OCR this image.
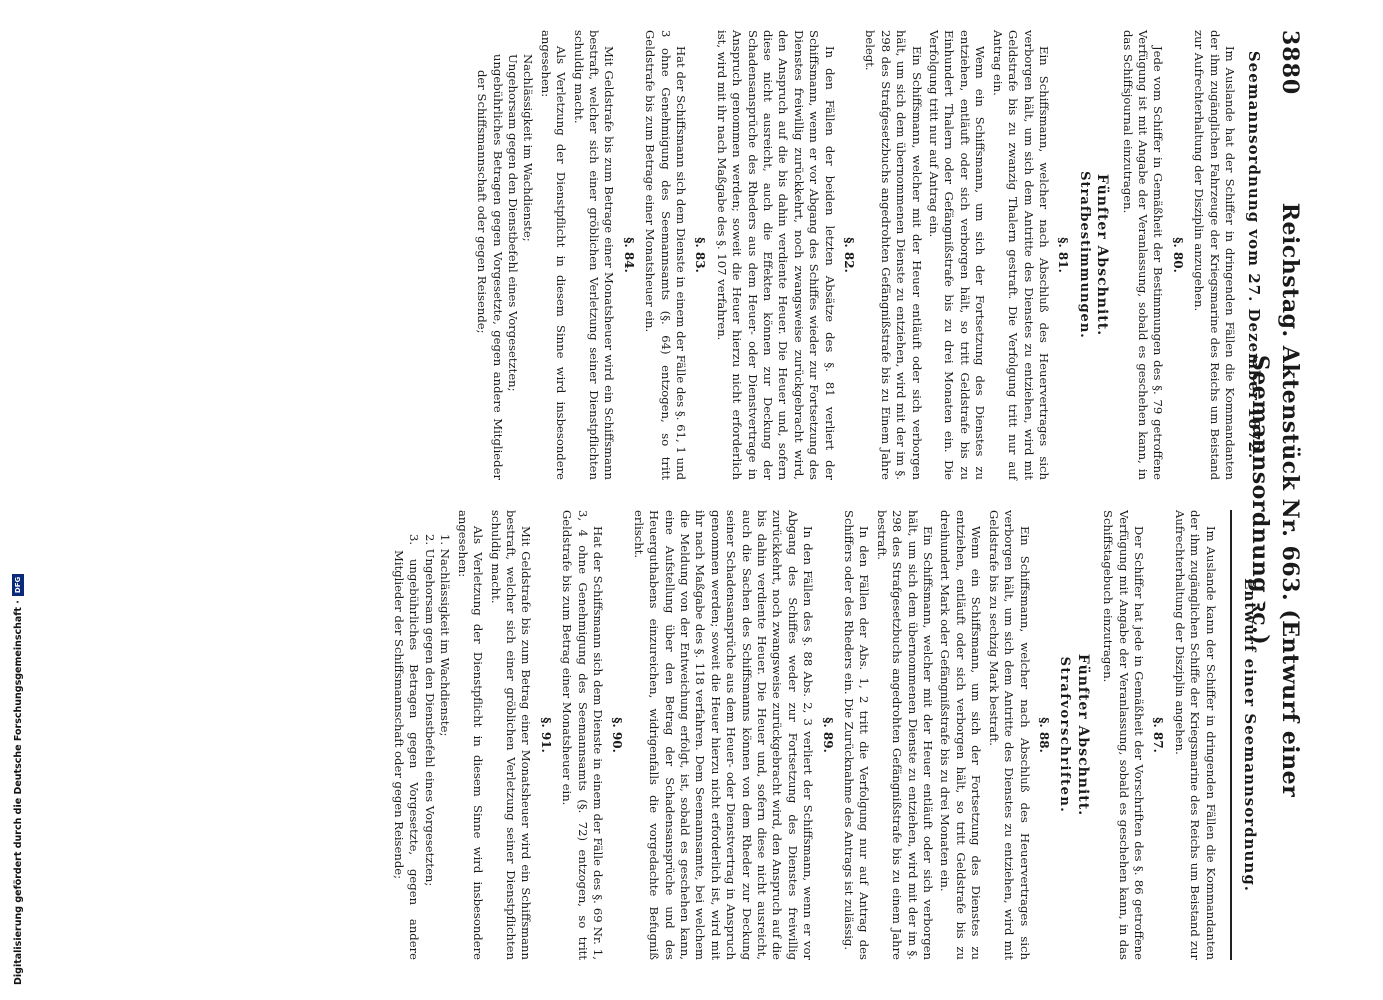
3880
Reichstag. Aktenstück Nr. 663. (Entwurf einer Seemannsordnung ꝛc.)
Seemannsordnung vom 27. Dezember 1872.

Im Auslande hat der Schiffer in dringenden Fällen die Kommandanten der ihm zugänglichen Fahrzeuge der Kriegsmarine des Reichs um Beistand zur Aufrechterhaltung der Disziplin anzugehen.

§. 80.

Jede vom Schiffer in Gemäßheit der Bestimmungen des §. 79 getroffene Verfügung ist mit Angabe der Veranlassung, sobald es geschehen kann, in das Schiffsjournal einzutragen.

Fünfter Abschnitt.
Strafbestimmungen.
§. 81.

Ein Schiffsmann, welcher nach Abschluß des Heuervertrages sich verborgen hält, um sich dem Antritte des Dienstes zu entziehen, wird mit Geldstrafe bis zu zwanzig Thalern gestraft. Die Verfolgung tritt nur auf Antrag ein.

Wenn ein Schiffsmann, um sich der Fortsetzung des Dienstes zu entziehen, entläuft oder sich verborgen hält, so tritt Geldstrafe bis zu Einhundert Thalern oder Gefängnißstrafe bis zu drei Monaten ein. Die Verfolgung tritt nur auf Antrag ein.

Ein Schiffsmann, welcher mit der Heuer entläuft oder sich verborgen hält, um sich dem übernommenen Dienste zu entziehen, wird mit der im §. 298 des Strafgesetzbuchs angedrohten Gefängnißstrafe bis zu Einem Jahre belegt.

§. 82.

In den Fällen der beiden letzten Absätze des §. 81 verliert der Schiffsmann, wenn er vor Abgang des Schiffes wieder zur Fortsetzung des Dienstes freiwillig zurückkehrt, noch zwangsweise zurückgebracht wird, den Anspruch auf die bis dahin verdiente Heuer. Die Heuer und, sofern diese nicht ausreicht, auch die Effekten können zur Deckung der Schadensansprüche des Rheders aus dem Heuer- oder Dienstvertrage in Anspruch genommen werden; soweit die Heuer hierzu nicht erforderlich ist, wird mit ihr nach Maßgabe des §. 107 verfahren.

§. 83.

Hat der Schiffsmann sich dem Dienste in einem der Fälle des §. 61, 1 und 3 ohne Genehmigung des Seemannsamts (§. 64) entzogen, so tritt Geldstrafe bis zum Betrage einer Monatsheuer ein.

§. 84.

Mit Geldstrafe bis zum Betrage einer Monatsheuer wird ein Schiffsmann bestraft, welcher sich einer gröblichen Verletzung seiner Dienstpflichten schuldig macht.

Als Verletzung der Dienstpflicht in diesem Sinne wird insbesondere angesehen:

Nachlässigkeit im Wachdienste;
Ungehorsam gegen den Dienstbefehl eines Vorgesetzten;
ungebührliches Betragen gegen Vorgesetzte, gegen andere Mitglieder der Schiffsmannschaft oder gegen Reisende;
Entwurf einer Seemannsordnung.

Im Auslande kann der Schiffer in dringenden Fällen die Kommandanten der ihm zugänglichen Schiffe der Kriegsmarine des Reichs um Beistand zur Aufrechterhaltung der Disziplin angehen.

§. 87.

Der Schiffer hat jede in Gemäßheit der Vorschriften des §. 86 getroffene Verfügung mit Angabe der Veranlassung, sobald es geschehen kann, in das Schiffstagebuch einzutragen.

Fünfter Abschnitt.
Strafvorschriften.
§. 88.

Ein Schiffsmann, welcher nach Abschluß des Heuervertrages sich verborgen hält, um sich dem Antritte des Dienstes zu entziehen, wird mit Geldstrafe bis zu sechzig Mark bestraft.

Wenn ein Schiffsmann, um sich der Fortsetzung des Dienstes zu entziehen, entläuft oder sich verborgen hält, so tritt Geldstrafe bis zu dreihundert Mark oder Gefängnißstrafe bis zu drei Monaten ein.

Ein Schiffsmann, welcher mit der Heuer entläuft oder sich verborgen hält, um sich dem übernommenen Dienste zu entziehen, wird mit der im §. 298 des Strafgesetzbuchs angedrohten Gefängnißstrafe bis zu einem Jahre bestraft.

In den Fällen der Abs. 1, 2 tritt die Verfolgung nur auf Antrag des Schiffers oder des Rheders ein. Die Zurücknahme des Antrags ist zulässig.

§. 89.

In den Fällen des §. 88 Abs. 2, 3 verliert der Schiffsmann, wenn er vor Abgang des Schiffes weder zur Fortsetzung des Dienstes freiwillig zurückkehrt, noch zwangsweise zurückgebracht wird, den Anspruch auf die bis dahin verdiente Heuer. Die Heuer und, sofern diese nicht ausreicht, auch die Sachen des Schiffsmanns können von dem Rheder zur Deckung seiner Schadensansprüche aus dem Heuer- oder Dienstvertrag in Anspruch genommen werden; soweit die Heuer hierzu nicht erforderlich ist, wird mit ihr nach Maßgabe des §. 118 verfahren. Dem Seemannsamte, bei welchem die Meldung von der Entweichung erfolgt, ist, sobald es geschehen kann, eine Aufstellung über den Betrag der Schadensansprüche und des Heuerguthabens einzureichen, widrigenfalls die vorgedachte Befugniß erlischt.

§. 90.

Hat der Schiffsmann sich dem Dienste in einem der Fälle des §. 69 Nr. 1, 3, 4 ohne Genehmigung des Seemannsamts (§. 72) entzogen, so tritt Geldstrafe bis zum Betrag einer Monatsheuer ein.

§. 91.

Mit Geldstrafe bis zum Betrag einer Monatsheuer wird ein Schiffsmann bestraft, welcher sich einer gröblichen Verletzung seiner Dienstpflichten schuldig macht.

Als Verletzung der Dienstpflicht in diesem Sinne wird insbesondere angesehen:

1. Nachlässigkeit im Wachdienste;
2. Ungehorsam gegen den Dienstbefehl eines Vorgesetzten;
3. ungebührliches Betragen gegen Vorgesetzte, gegen andere Mitglieder der Schiffsmannschaft oder gegen Reisende;
Digitalisierung gefördert durch die Deutsche Forschungsgemeinschaft ·
DFG
